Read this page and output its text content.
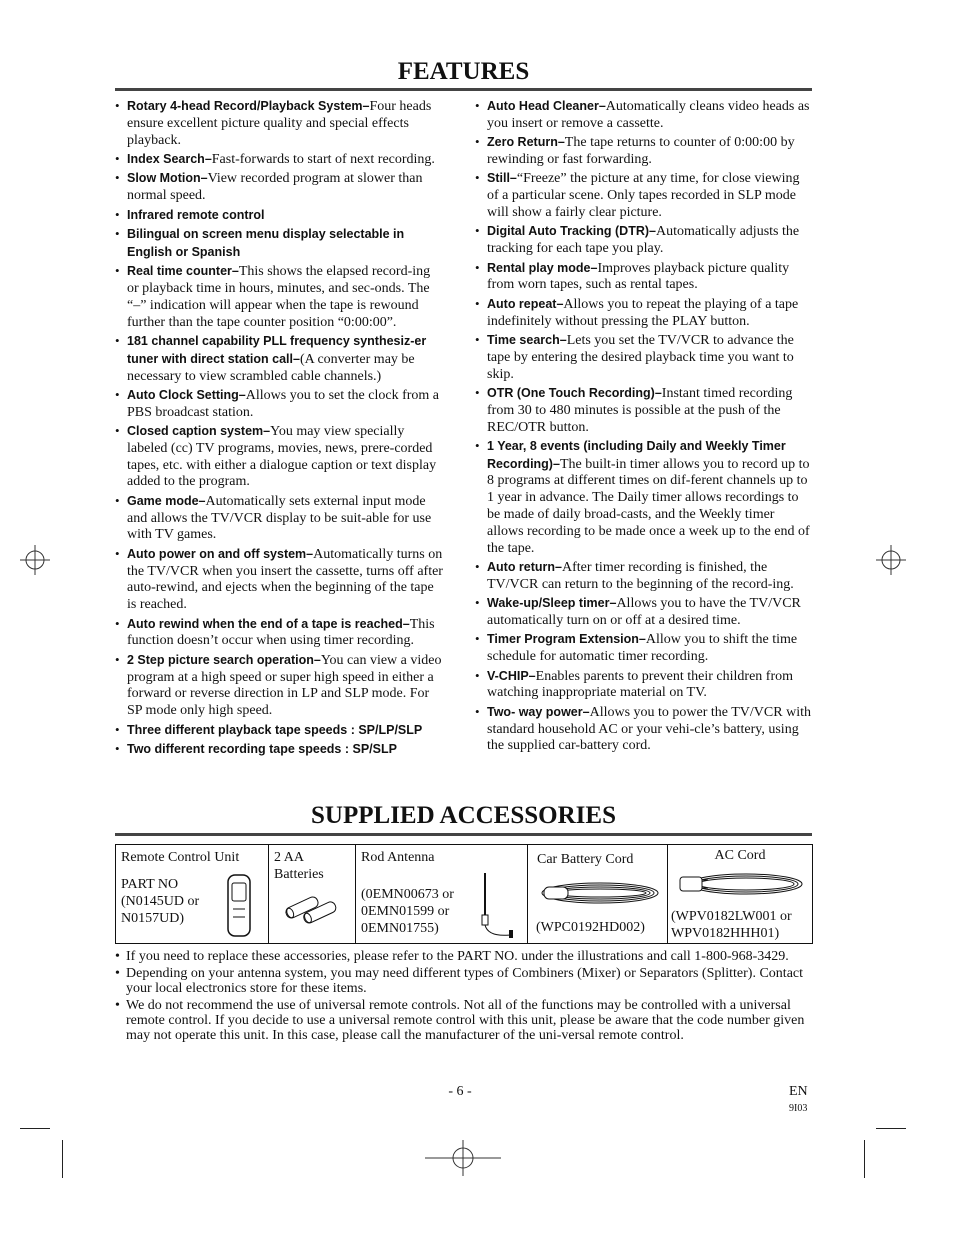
FEATURES
• Rotary 4-head Record/Playback System–Four heads ensure excellent picture quality and special effects playback.
• Index Search–Fast-forwards to start of next recording.
• Slow Motion–View recorded program at slower than normal speed.
• Infrared remote control
• Bilingual on screen menu display selectable in English or Spanish
• Real time counter–This shows the elapsed record-ing or playback time in hours, minutes, and sec-onds. The “–” indication will appear when the tape is rewound further than the tape counter position “0:00:00”.
• 181 channel capability PLL frequency synthesiz-er tuner with direct station call–(A converter may be necessary to view scrambled cable channels.)
• Auto Clock Setting–Allows you to set the clock from a PBS broadcast station.
• Closed caption system–You may view specially labeled (cc) TV programs, movies, news, prere-corded tapes, etc. with either a dialogue caption or text display added to the program.
• Game mode–Automatically sets external input mode and allows the TV/VCR display to be suit-able for use with TV games.
• Auto power on and off system–Automatically turns on the TV/VCR when you insert the cassette, turns off after auto-rewind, and ejects when the beginning of the tape is reached.
• Auto rewind when the end of a tape is reached–This function doesn’t occur when using timer recording.
• 2 Step picture search operation–You can view a video program at a high speed or super high speed in either a forward or reverse direction in LP and SLP mode. For SP mode only high speed.
• Three different playback tape speeds : SP/LP/SLP
• Two different recording tape speeds : SP/SLP
• Auto Head Cleaner–Automatically cleans video heads as you insert or remove a cassette.
• Zero Return–The tape returns to counter of 0:00:00 by rewinding or fast forwarding.
• Still–“Freeze” the picture at any time, for close viewing of a particular scene. Only tapes recorded in SLP mode will show a fairly clear picture.
• Digital Auto Tracking (DTR)–Automatically adjusts the tracking for each tape you play.
• Rental play mode–Improves playback picture quality from worn tapes, such as rental tapes.
• Auto repeat–Allows you to repeat the playing of a tape indefinitely without pressing the PLAY button.
• Time search–Lets you set the TV/VCR to advance the tape by entering the desired playback time you want to skip.
• OTR (One Touch Recording)–Instant timed recording from 30 to 480 minutes is possible at the push of the REC/OTR button.
• 1 Year, 8 events (including Daily and Weekly Timer Recording)–The built-in timer allows you to record up to 8 programs at different times on dif-ferent channels up to 1 year in advance. The Daily timer allows recordings to be made of daily broad-casts, and the Weekly timer allows recording to be made once a week up to the end of the tape.
• Auto return–After timer recording is finished, the TV/VCR can return to the beginning of the record-ing.
• Wake-up/Sleep timer–Allows you to have the TV/VCR automatically turn on or off at a desired time.
• Timer Program Extension–Allow you to shift the time schedule for automatic timer recording.
• V-CHIP–Enables parents to prevent their children from watching inappropriate material on TV.
• Two- way power–Allows you to power the TV/VCR with standard household AC or your vehi-cle’s battery, using the supplied car-battery cord.
SUPPLIED ACCESSORIES
Remote Control Unit
PART NO (N0145UD or N0157UD)

2 AA Batteries

Rod Antenna
(0EMN00673 or 0EMN01599 or 0EMN01755)

Car Battery Cord
(WPC0192HD002)

AC Cord
(WPV0182LW001 or WPV0182HHH01)
• If you need to replace these accessories, please refer to the PART NO. under the illustrations and call 1-800-968-3429.
• Depending on your antenna system, you may need different types of Combiners (Mixer) or Separators (Splitter). Contact your local electronics store for these items.
• We do not recommend the use of universal remote controls. Not all of the functions may be controlled with a universal remote control. If you decide to use a universal remote control with this unit, please be aware that the code number given may not operate this unit. In this case, please call the manufacturer of the uni-versal remote control.
- 6 -	EN
9I03
